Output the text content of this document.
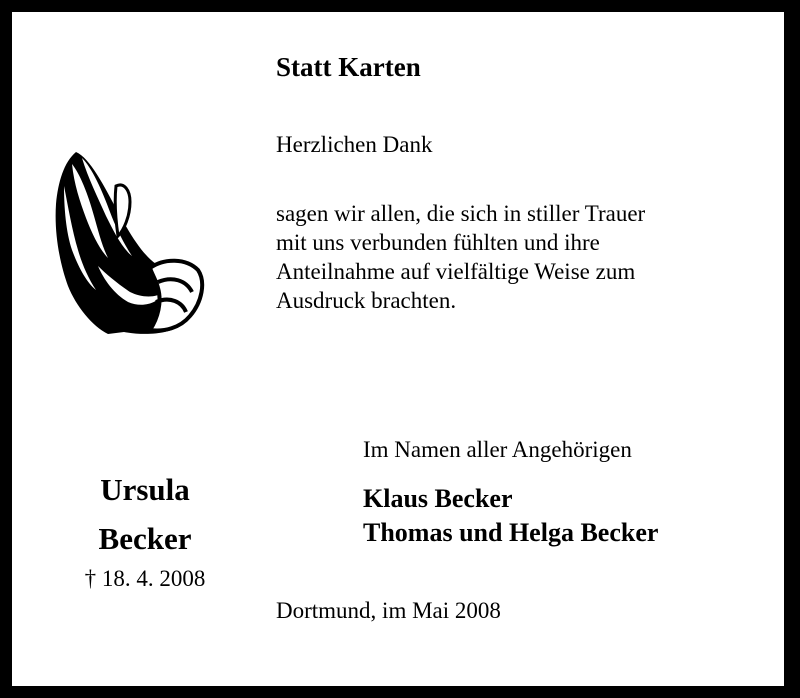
Statt Karten
Herzlichen Dank
sagen wir allen, die sich in stiller Trauer
mit uns verbunden fühlten und ihre
Anteilnahme auf vielfältige Weise zum
Ausdruck brachten.
Im Namen aller Angehörigen
Klaus Becker
Thomas und Helga Becker
Ursula
Becker
† 18. 4. 2008
Dortmund, im Mai 2008
